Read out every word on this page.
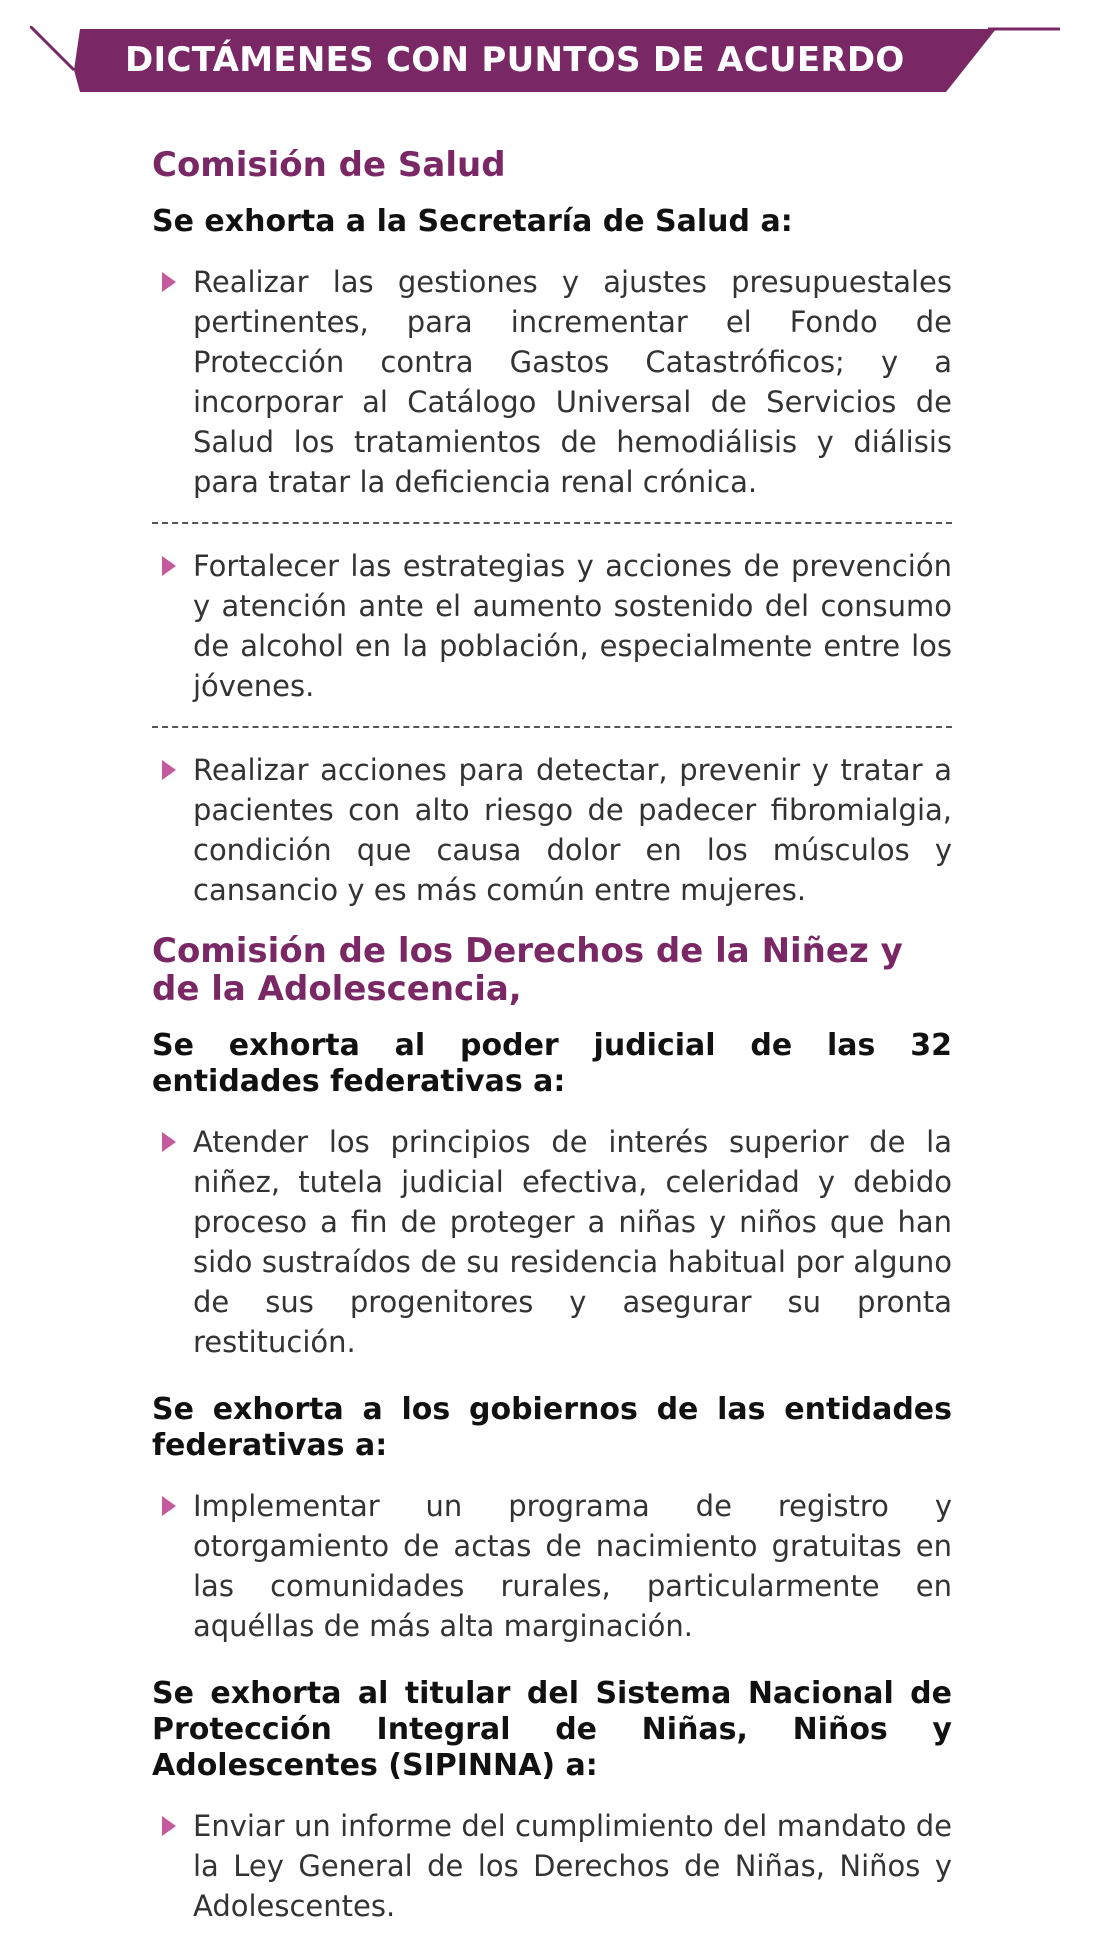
DICTÁMENES CON PUNTOS DE ACUERDO
Comisión de Salud
Se exhorta a la Secretaría de Salud a:
Realizar las gestiones y ajustes presupuestales pertinentes, para incrementar el Fondo de Protección contra Gastos Catastróficos; y a incorporar al Catálogo Universal de Servicios de Salud los tratamientos de hemodiálisis y diálisis para tratar la deficiencia renal crónica.
Fortalecer las estrategias y acciones de prevención y atención ante el aumento sostenido del consumo de alcohol en la población, especialmente entre los jóvenes.
Realizar acciones para detectar, prevenir y tratar a pacientes con alto riesgo de padecer fibromialgia, condición que causa dolor en los músculos y cansancio y es más común entre mujeres.
Comisión de los Derechos de la Niñez y de la Adolescencia,
Se exhorta al poder judicial de las 32 entidades federativas a:
Atender los principios de interés superior de la niñez, tutela judicial efectiva, celeridad y debido proceso a fin de proteger a niñas y niños que han sido sustraídos de su residencia habitual por alguno de sus progenitores y asegurar su pronta restitución.
Se exhorta a los gobiernos de las entidades federativas a:
Implementar un programa de registro y otorgamiento de actas de nacimiento gratuitas en las comunidades rurales, particularmente en aquéllas de más alta marginación.
Se exhorta al titular del Sistema Nacional de Protección Integral de Niñas, Niños y Adolescentes (SIPINNA) a:
Enviar un informe del cumplimiento del mandato de la Ley General de los Derechos de Niñas, Niños y Adolescentes.
